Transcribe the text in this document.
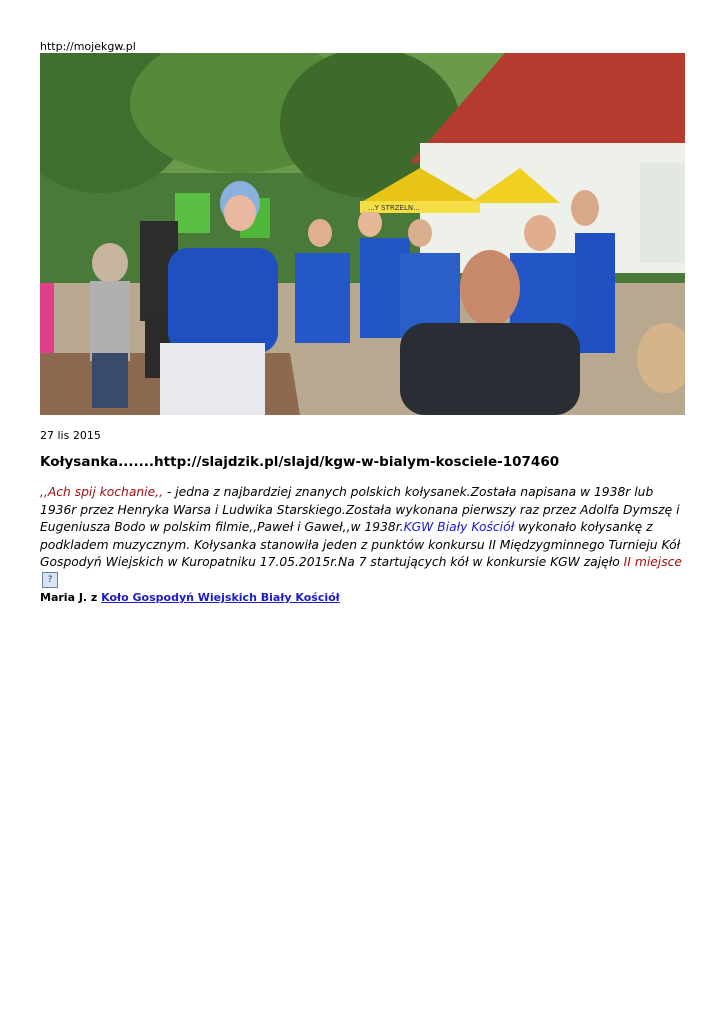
http://mojekgw.pl
...Y STRZELN...
27 lis 2015
Kołysanka.......http://slajdzik.pl/slajd/kgw-w-bialym-kosciele-107460
,,Ach spij kochanie,, - jedna z najbardziej znanych polskich kołysanek.Została napisana w 1938r lub 1936r przez Henryka Warsa i Ludwika Starskiego.Została wykonana pierwszy raz przez Adolfa Dymszę i Eugeniusza Bodo w polskim filmie,,Paweł i Gaweł,,w 1938r.KGW Biały Kościół wykonało kołysankę z podkladem muzycznym. Kołysanka stanowiła jeden z punktów konkursu II Międzygminnego Turnieju Kół Gospodyń Wiejskich w Kuropatniku 17.05.2015r.Na 7 startujących kół w konkursie KGW zajęło II miejsce ?
Maria J. z Koło Gospodyń Wiejskich Biały Kościół
